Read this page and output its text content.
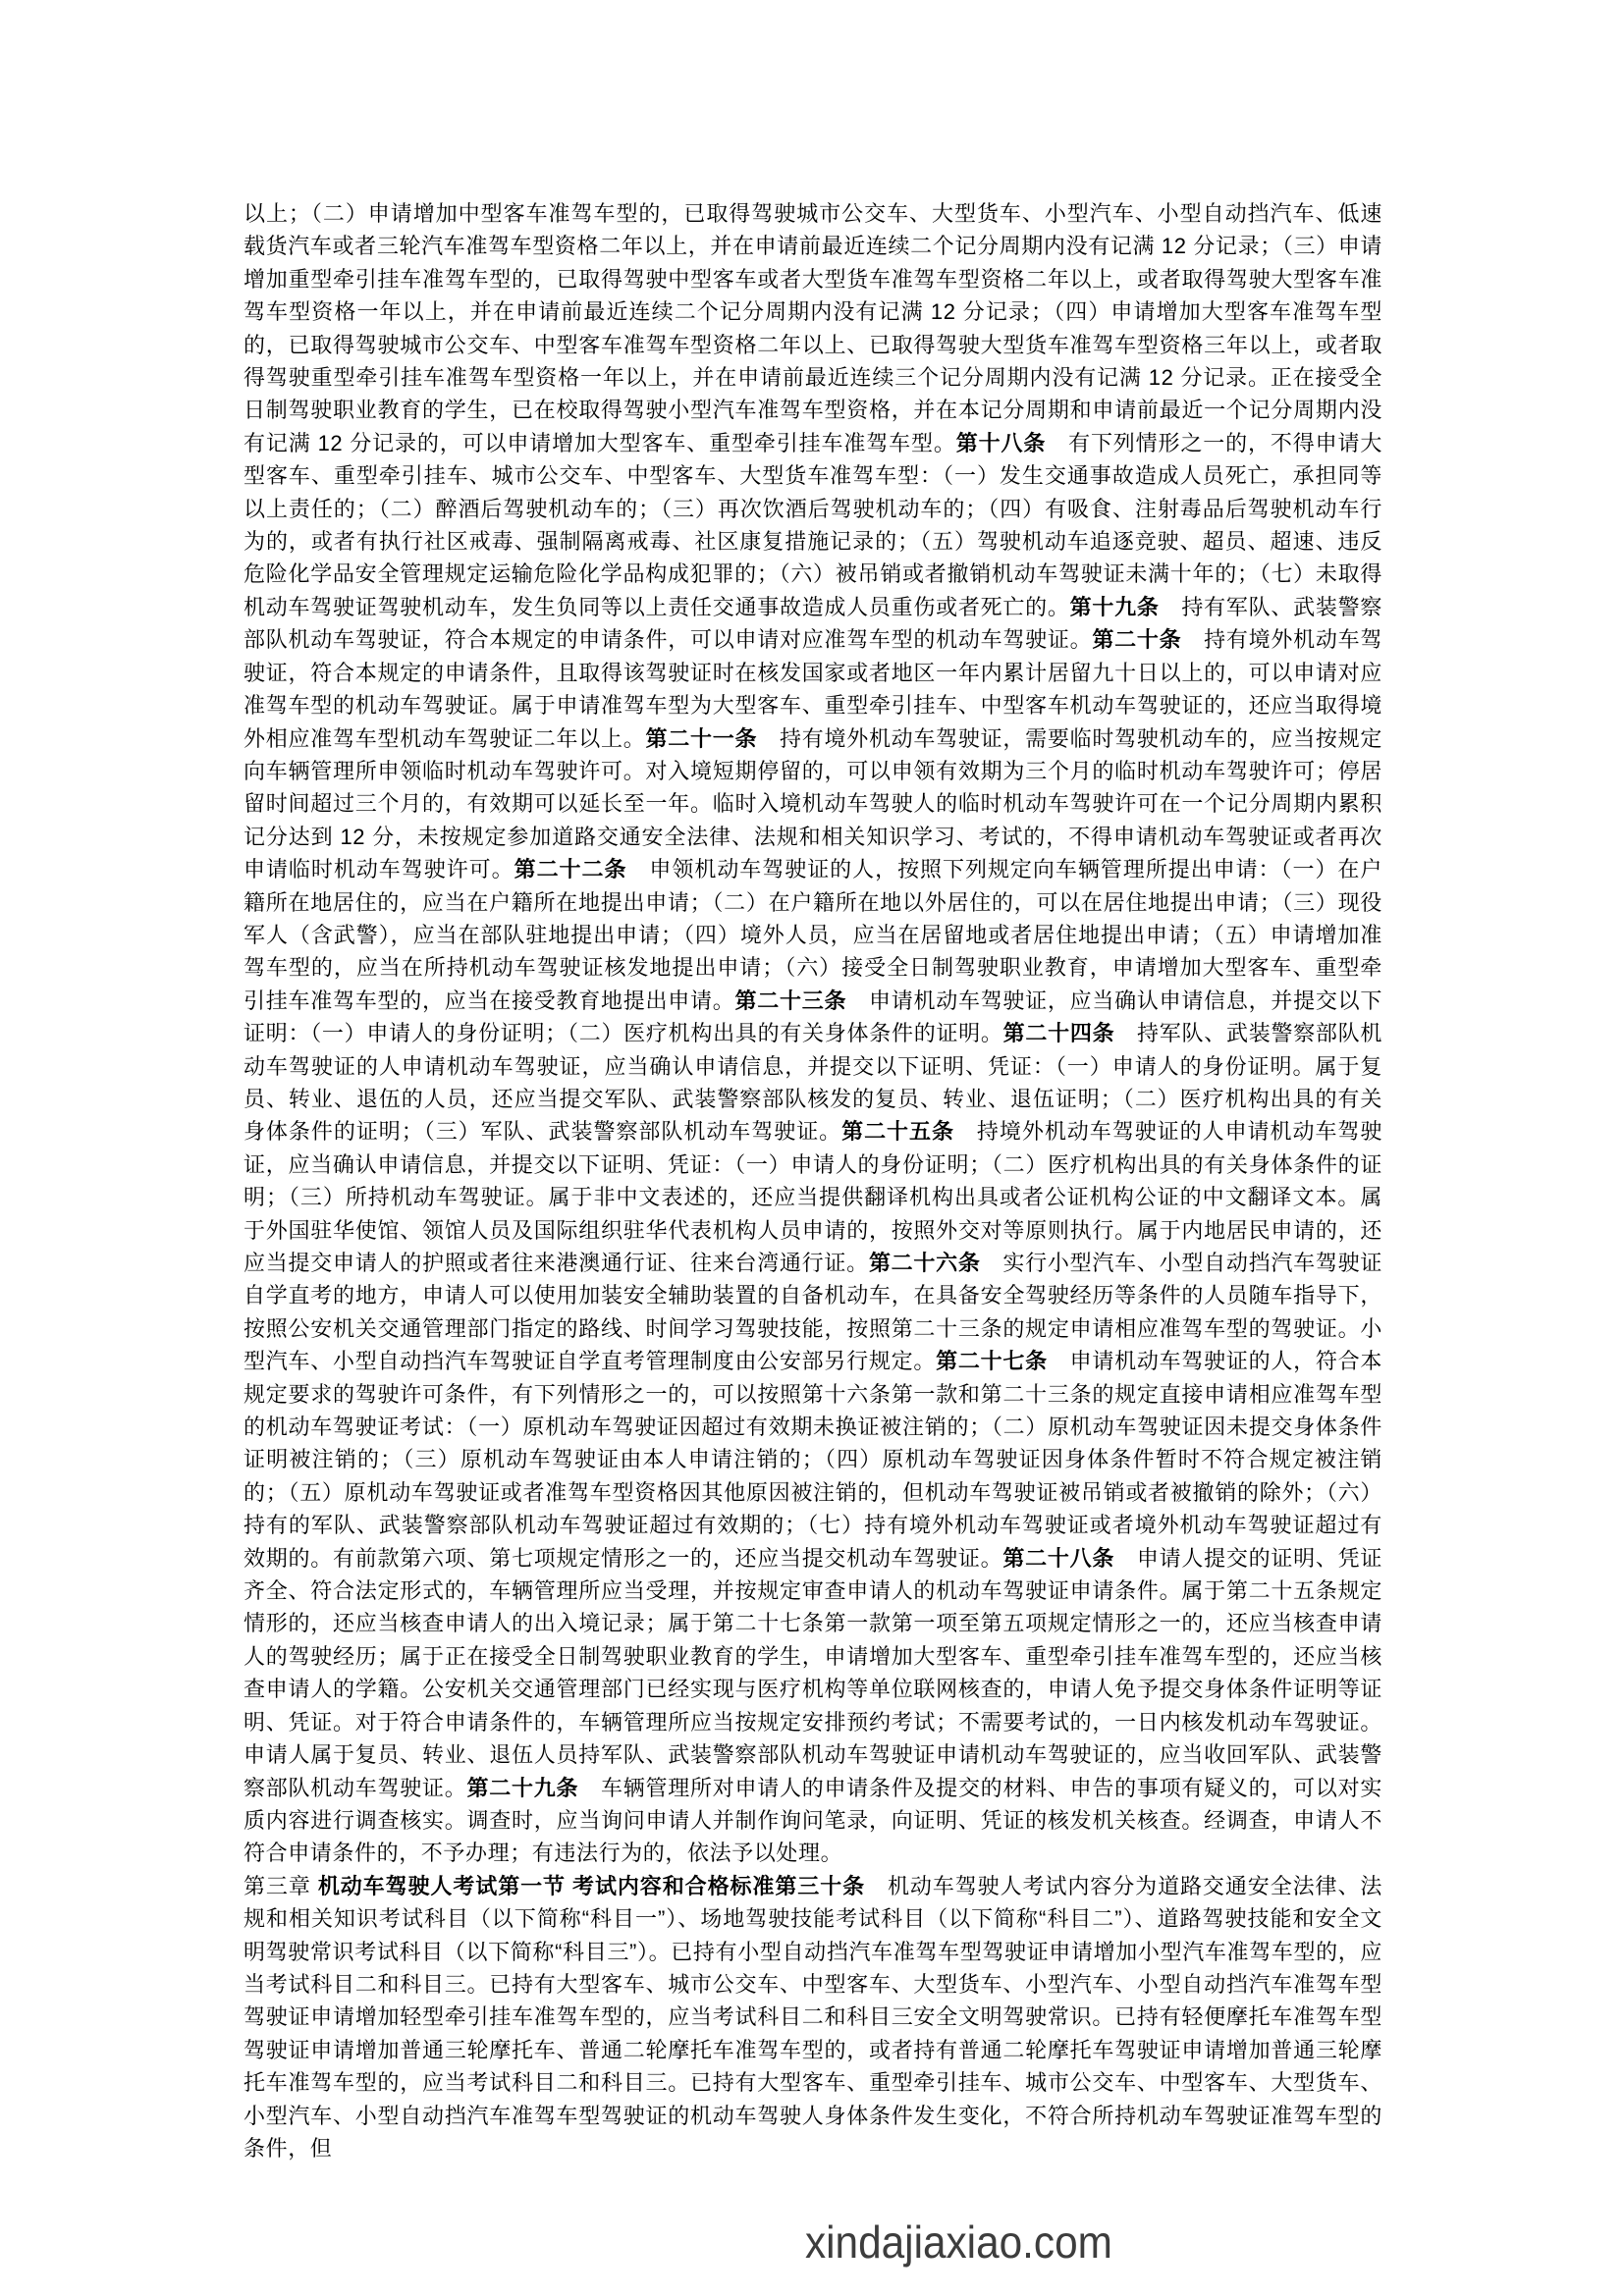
以上；（二）申请增加中型客车准驾车型的，已取得驾驶城市公交车、大型货车、小型汽车、小型自动挡汽车、低速载货汽车或者三轮汽车准驾车型资格二年以上，并在申请前最近连续二个记分周期内没有记满 12 分记录；（三）申请增加重型牵引挂车准驾车型的，已取得驾驶中型客车或者大型货车准驾车型资格二年以上，或者取得驾驶大型客车准驾车型资格一年以上，并在申请前最近连续二个记分周期内没有记满 12 分记录；（四）申请增加大型客车准驾车型的，已取得驾驶城市公交车、中型客车准驾车型资格二年以上、已取得驾驶大型货车准驾车型资格三年以上，或者取得驾驶重型牵引挂车准驾车型资格一年以上，并在申请前最近连续三个记分周期内没有记满 12 分记录。正在接受全日制驾驶职业教育的学生，已在校取得驾驶小型汽车准驾车型资格，并在本记分周期和申请前最近一个记分周期内没有记满 12 分记录的，可以申请增加大型客车、重型牵引挂车准驾车型。第十八条　有下列情形之一的，不得申请大型客车、重型牵引挂车、城市公交车、中型客车、大型货车准驾车型：（一）发生交通事故造成人员死亡，承担同等以上责任的；（二）醉酒后驾驶机动车的；（三）再次饮酒后驾驶机动车的；（四）有吸食、注射毒品后驾驶机动车行为的，或者有执行社区戒毒、强制隔离戒毒、社区康复措施记录的；（五）驾驶机动车追逐竞驶、超员、超速、违反危险化学品安全管理规定运输危险化学品构成犯罪的；（六）被吊销或者撤销机动车驾驶证未满十年的；（七）未取得机动车驾驶证驾驶机动车，发生负同等以上责任交通事故造成人员重伤或者死亡的。第十九条　持有军队、武装警察部队机动车驾驶证，符合本规定的申请条件，可以申请对应准驾车型的机动车驾驶证。第二十条　持有境外机动车驾驶证，符合本规定的申请条件，且取得该驾驶证时在核发国家或者地区一年内累计居留九十日以上的，可以申请对应准驾车型的机动车驾驶证。属于申请准驾车型为大型客车、重型牵引挂车、中型客车机动车驾驶证的，还应当取得境外相应准驾车型机动车驾驶证二年以上。第二十一条　持有境外机动车驾驶证，需要临时驾驶机动车的，应当按规定向车辆管理所申领临时机动车驾驶许可。对入境短期停留的，可以申领有效期为三个月的临时机动车驾驶许可；停居留时间超过三个月的，有效期可以延长至一年。临时入境机动车驾驶人的临时机动车驾驶许可在一个记分周期内累积记分达到 12 分，未按规定参加道路交通安全法律、法规和相关知识学习、考试的，不得申请机动车驾驶证或者再次申请临时机动车驾驶许可。第二十二条　申领机动车驾驶证的人，按照下列规定向车辆管理所提出申请：（一）在户籍所在地居住的，应当在户籍所在地提出申请；（二）在户籍所在地以外居住的，可以在居住地提出申请；（三）现役军人（含武警），应当在部队驻地提出申请；（四）境外人员，应当在居留地或者居住地提出申请；（五）申请增加准驾车型的，应当在所持机动车驾驶证核发地提出申请；（六）接受全日制驾驶职业教育，申请增加大型客车、重型牵引挂车准驾车型的，应当在接受教育地提出申请。第二十三条　申请机动车驾驶证，应当确认申请信息，并提交以下证明：（一）申请人的身份证明；（二）医疗机构出具的有关身体条件的证明。第二十四条　持军队、武装警察部队机动车驾驶证的人申请机动车驾驶证，应当确认申请信息，并提交以下证明、凭证：（一）申请人的身份证明。属于复员、转业、退伍的人员，还应当提交军队、武装警察部队核发的复员、转业、退伍证明；（二）医疗机构出具的有关身体条件的证明；（三）军队、武装警察部队机动车驾驶证。第二十五条　持境外机动车驾驶证的人申请机动车驾驶证，应当确认申请信息，并提交以下证明、凭证：（一）申请人的身份证明；（二）医疗机构出具的有关身体条件的证明；（三）所持机动车驾驶证。属于非中文表述的，还应当提供翻译机构出具或者公证机构公证的中文翻译文本。属于外国驻华使馆、领馆人员及国际组织驻华代表机构人员申请的，按照外交对等原则执行。属于内地居民申请的，还应当提交申请人的护照或者往来港澳通行证、往来台湾通行证。第二十六条　实行小型汽车、小型自动挡汽车驾驶证自学直考的地方，申请人可以使用加装安全辅助装置的自备机动车，在具备安全驾驶经历等条件的人员随车指导下，按照公安机关交通管理部门指定的路线、时间学习驾驶技能，按照第二十三条的规定申请相应准驾车型的驾驶证。小型汽车、小型自动挡汽车驾驶证自学直考管理制度由公安部另行规定。第二十七条　申请机动车驾驶证的人，符合本规定要求的驾驶许可条件，有下列情形之一的，可以按照第十六条第一款和第二十三条的规定直接申请相应准驾车型的机动车驾驶证考试：（一）原机动车驾驶证因超过有效期未换证被注销的；（二）原机动车驾驶证因未提交身体条件证明被注销的；（三）原机动车驾驶证由本人申请注销的；（四）原机动车驾驶证因身体条件暂时不符合规定被注销的；（五）原机动车驾驶证或者准驾车型资格因其他原因被注销的，但机动车驾驶证被吊销或者被撤销的除外；（六）持有的军队、武装警察部队机动车驾驶证超过有效期的；（七）持有境外机动车驾驶证或者境外机动车驾驶证超过有效期的。有前款第六项、第七项规定情形之一的，还应当提交机动车驾驶证。第二十八条　申请人提交的证明、凭证齐全、符合法定形式的，车辆管理所应当受理，并按规定审查申请人的机动车驾驶证申请条件。属于第二十五条规定情形的，还应当核查申请人的出入境记录；属于第二十七条第一款第一项至第五项规定情形之一的，还应当核查申请人的驾驶经历；属于正在接受全日制驾驶职业教育的学生，申请增加大型客车、重型牵引挂车准驾车型的，还应当核查申请人的学籍。公安机关交通管理部门已经实现与医疗机构等单位联网核查的，申请人免予提交身体条件证明等证明、凭证。对于符合申请条件的，车辆管理所应当按规定安排预约考试；不需要考试的，一日内核发机动车驾驶证。申请人属于复员、转业、退伍人员持军队、武装警察部队机动车驾驶证申请机动车驾驶证的，应当收回军队、武装警察部队机动车驾驶证。第二十九条　车辆管理所对申请人的申请条件及提交的材料、申告的事项有疑义的，可以对实质内容进行调查核实。调查时，应当询问申请人并制作询问笔录，向证明、凭证的核发机关核查。经调查，申请人不符合申请条件的，不予办理；有违法行为的，依法予以处理。

第三章 机动车驾驶人考试第一节 考试内容和合格标准第三十条　机动车驾驶人考试内容分为道路交通安全法律、法规和相关知识考试科目（以下简称“科目一”）、场地驾驶技能考试科目（以下简称“科目二”）、道路驾驶技能和安全文明驾驶常识考试科目（以下简称“科目三”）。已持有小型自动挡汽车准驾车型驾驶证申请增加小型汽车准驾车型的，应当考试科目二和科目三。已持有大型客车、城市公交车、中型客车、大型货车、小型汽车、小型自动挡汽车准驾车型驾驶证申请增加轻型牵引挂车准驾车型的，应当考试科目二和科目三安全文明驾驶常识。已持有轻便摩托车准驾车型驾驶证申请增加普通三轮摩托车、普通二轮摩托车准驾车型的，或者持有普通二轮摩托车驾驶证申请增加普通三轮摩托车准驾车型的，应当考试科目二和科目三。已持有大型客车、重型牵引挂车、城市公交车、中型客车、大型货车、小型汽车、小型自动挡汽车准驾车型驾驶证的机动车驾驶人身体条件发生变化，不符合所持机动车驾驶证准驾车型的条件，但

xindajiaxiao.com
